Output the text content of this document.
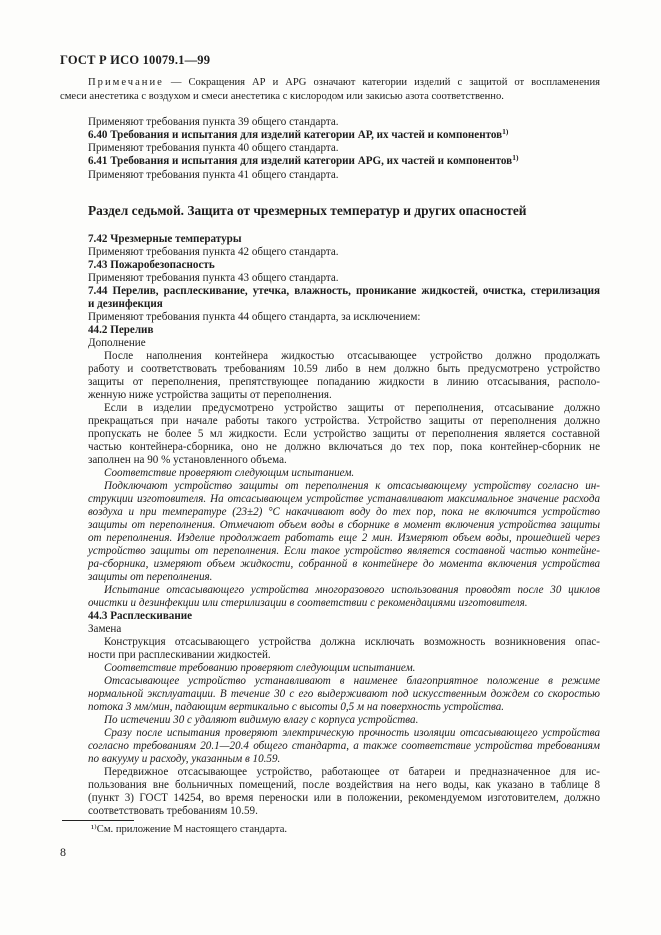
ГОСТ Р ИСО 10079.1—99
Примечание — Сокращения АР и APG означают категории изделий с защитой от воспламенения
смеси анестетика с воздухом и смеси анестетика с кислородом или закисью азота соответственно.
Применяют требования пункта 39 общего стандарта.
6.40 Требования и испытания для изделий категории АР, их частей и компонентов$^{1)}$
Применяют требования пункта 40 общего стандарта.
6.41 Требования и испытания для изделий категории APG, их частей и компонентов$^{1)}$
Применяют требования пункта 41 общего стандарта.
Раздел седьмой. Защита от чрезмерных температур и других опасностей
7.42 Чрезмерные температуры
Применяют требования пункта 42 общего стандарта.
7.43 Пожаробезопасность
Применяют требования пункта 43 общего стандарта.
7.44 Перелив, расплескивание, утечка, влажность, проникание жидкостей, очистка, стерилизация
и дезинфекция
Применяют требования пункта 44 общего стандарта, за исключением:
44.2 Перелив
Дополнение
После наполнения контейнера жидкостью отсасывающее устройство должно продолжать
работу и соответствовать требованиям 10.59 либо в нем должно быть предусмотрено устройство
защиты от переполнения, препятствующее попаданию жидкости в линию отсасывания, располо-
женную ниже устройства защиты от переполнения.
Если в изделии предусмотрено устройство защиты от переполнения, отсасывание должно
прекращаться при начале работы такого устройства. Устройство защиты от переполнения должно
пропускать не более 5 мл жидкости. Если устройство защиты от переполнения является составной
частью контейнера-сборника, оно не должно включаться до тех пор, пока контейнер-сборник не
заполнен на 90 % установленного объема.
Соответствие проверяют следующим испытанием.
Подключают устройство защиты от переполнения к отсасывающему устройству согласно ин-
струкции изготовителя. На отсасывающем устройстве устанавливают максимальное значение расхода
воздуха и при температуре (23±2) °С накачивают воду до тех пор, пока не включится устройство
защиты от переполнения. Отмечают объем воды в сборнике в момент включения устройства защиты
от переполнения. Изделие продолжает работать еще 2 мин. Измеряют объем воды, прошедшей через
устройство защиты от переполнения. Если такое устройство является составной частью контейне-
ра-сборника, измеряют объем жидкости, собранной в контейнере до момента включения устройства
защиты от переполнения.
Испытание отсасывающего устройства многоразового использования проводят после 30 циклов
очистки и дезинфекции или стерилизации в соответствии с рекомендациями изготовителя.
44.3 Расплескивание
Замена
Конструкция отсасывающего устройства должна исключать возможность возникновения опас-
ности при расплескивании жидкостей.
Соответствие требованию проверяют следующим испытанием.
Отсасывающее устройство устанавливают в наименее благоприятное положение в режиме
нормальной эксплуатации. В течение 30 с его выдерживают под искусственным дождем со скоростью
потока 3 мм/мин, падающим вертикально с высоты 0,5 м на поверхность устройства.
По истечении 30 с удаляют видимую влагу с корпуса устройства.
Сразу после испытания проверяют электрическую прочность изоляции отсасывающего устройства
согласно требованиям 20.1—20.4 общего стандарта, а также соответствие устройства требованиям
по вакууму и расходу, указанным в 10.59.
Передвижное отсасывающее устройство, работающее от батареи и предназначенное для ис-
пользования вне больничных помещений, после воздействия на него воды, как указано в таблице 8
(пункт 3) ГОСТ 14254, во время переноски или в положении, рекомендуемом изготовителем, должно
соответствовать требованиям 10.59.
¹⁾См. приложение М настоящего стандарта.
8
